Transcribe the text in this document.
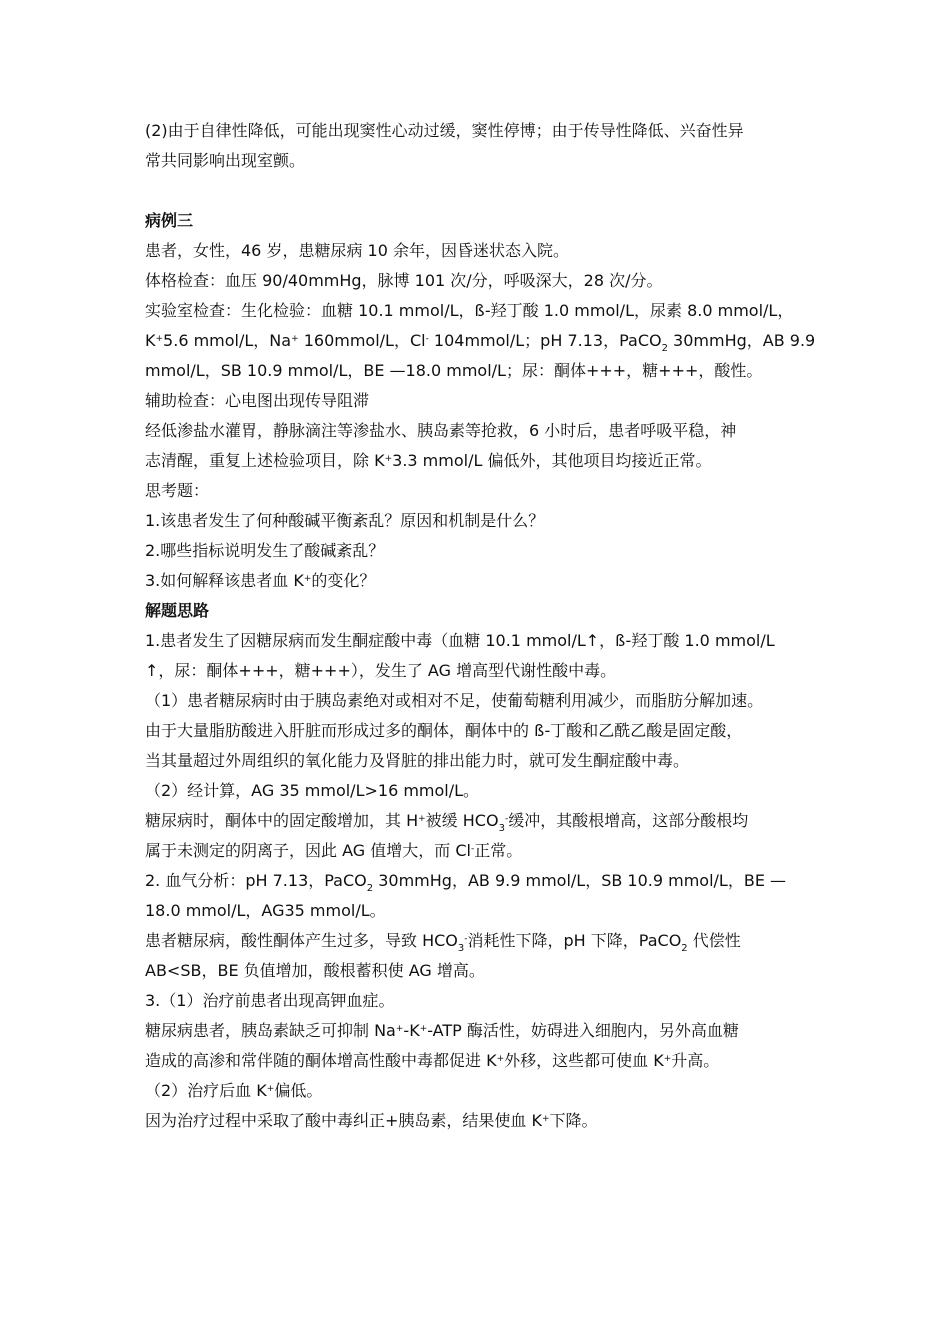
(2)由于自律性降低，可能出现窦性心动过缓，窦性停博；由于传导性降低、兴奋性异
常共同影响出现室颤。
病例三
患者，女性，46 岁，患糖尿病 10 余年，因昏迷状态入院。
体格检查：血压 90/40mmHg，脉博 101 次/分，呼吸深大，28 次/分。
实验室检查：生化检验：血糖 10.1 mmol/L，ß-羟丁酸 1.0 mmol/L，尿素 8.0 mmol/L，
K+5.6 mmol/L，Na+ 160mmol/L，Cl- 104mmol/L；pH 7.13，PaCO$_2$ 30mmHg，AB 9.9
mmol/L，SB 10.9 mmol/L，BE —18.0 mmol/L；尿：酮体+++，糖+++，酸性。
辅助检查：心电图出现传导阻滞
经低渗盐水灌胃，静脉滴注等渗盐水、胰岛素等抢救，6 小时后，患者呼吸平稳，神
志清醒，重复上述检验项目，除 K+3.3 mmol/L 偏低外，其他项目均接近正常。
思考题：
1.该患者发生了何种酸碱平衡紊乱？原因和机制是什么？
2.哪些指标说明发生了酸碱紊乱？
3.如何解释该患者血 K+的变化？
解题思路
1.患者发生了因糖尿病而发生酮症酸中毒（血糖 10.1 mmol/L↑，ß-羟丁酸 1.0 mmol/L
↑，尿：酮体+++，糖+++），发生了 AG 增高型代谢性酸中毒。
（1）患者糖尿病时由于胰岛素绝对或相对不足，使葡萄糖利用减少，而脂肪分解加速。
由于大量脂肪酸进入肝脏而形成过多的酮体，酮体中的 ß-丁酸和乙酰乙酸是固定酸，
当其量超过外周组织的氧化能力及肾脏的排出能力时，就可发生酮症酸中毒。
（2）经计算，AG 35 mmol/L>16 mmol/L。
糖尿病时，酮体中的固定酸增加，其 H+被缓 $HCO_3^-$缓冲，其酸根增高，这部分酸根均
属于未测定的阴离子，因此 AG 值增大，而 Cl-正常。
2. 血气分析：pH 7.13，PaCO$_2$ 30mmHg，AB 9.9 mmol/L，SB 10.9 mmol/L，BE —
18.0 mmol/L，AG35 mmol/L。
患者糖尿病，酸性酮体产生过多，导致 $HCO_3^-$消耗性下降，pH 下降，PaCO$_2$ 代偿性
AB<SB，BE 负值增加，酸根蓄积使 AG 增高。
3.（1）治疗前患者出现高钾血症。
糖尿病患者，胰岛素缺乏可抑制 Na+-K+-ATP 酶活性，妨碍进入细胞内，另外高血糖
造成的高渗和常伴随的酮体增高性酸中毒都促进 K+外移，这些都可使血 K+升高。
（2）治疗后血 K+偏低。
因为治疗过程中采取了酸中毒纠正+胰岛素，结果使血 K+下降。
